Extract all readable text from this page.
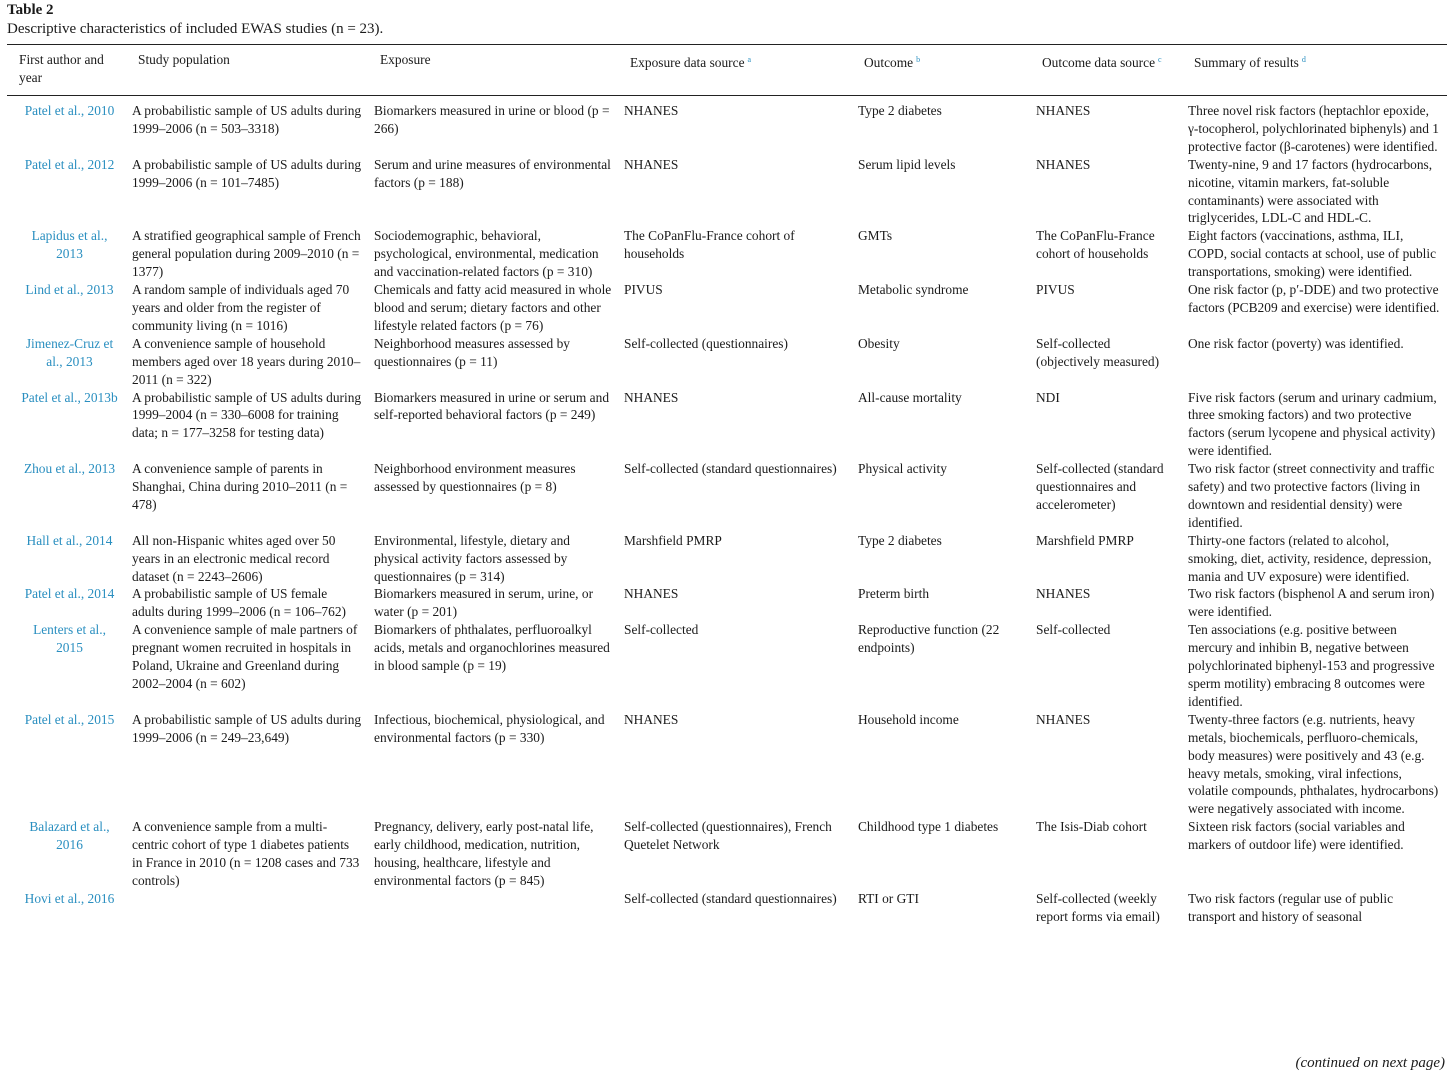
Table 2
Descriptive characteristics of included EWAS studies (n = 23).
First author and year	Study population	Exposure	Exposure data source $^a$	Outcome $^b$	Outcome data source $^c$	Summary of results $^d$
Patel et al., 2010	A probabilistic sample of US adults during 1999–2006 (n = 503–3318)	Biomarkers measured in urine or blood (p = 266)	NHANES	Type 2 diabetes	NHANES	Three novel risk factors (heptachlor epoxide, γ-tocopherol, polychlorinated biphenyls) and 1 protective factor (β-carotenes) were identified.
Patel et al., 2012	A probabilistic sample of US adults during 1999–2006 (n = 101–7485)	Serum and urine measures of environmental factors (p = 188)	NHANES	Serum lipid levels	NHANES	Twenty-nine, 9 and 17 factors (hydrocarbons, nicotine, vitamin markers, fat-soluble contaminants) were associated with triglycerides, LDL-C and HDL-C.
Lapidus et al., 2013	A stratified geographical sample of French general population during 2009–2010 (n = 1377)	Sociodemographic, behavioral, psychological, environmental, medication and vaccination-related factors (p = 310)	The CoPanFlu-France cohort of households	GMTs	The CoPanFlu-France cohort of households	Eight factors (vaccinations, asthma, ILI, COPD, social contacts at school, use of public transportations, smoking) were identified.
Lind et al., 2013	A random sample of individuals aged 70 years and older from the register of community living (n = 1016)	Chemicals and fatty acid measured in whole blood and serum; dietary factors and other lifestyle related factors (p = 76)	PIVUS	Metabolic syndrome	PIVUS	One risk factor (p, p′-DDE) and two protective factors (PCB209 and exercise) were identified.
Jimenez-Cruz et al., 2013	A convenience sample of household members aged over 18 years during 2010–2011 (n = 322)	Neighborhood measures assessed by questionnaires (p = 11)	Self-collected (questionnaires)	Obesity	Self-collected (objectively measured)	One risk factor (poverty) was identified.
Patel et al., 2013b	A probabilistic sample of US adults during 1999–2004 (n = 330–6008 for training data; n = 177–3258 for testing data)	Biomarkers measured in urine or serum and self-reported behavioral factors (p = 249)	NHANES	All-cause mortality	NDI	Five risk factors (serum and urinary cadmium, three smoking factors) and two protective factors (serum lycopene and physical activity) were identified.
Zhou et al., 2013	A convenience sample of parents in Shanghai, China during 2010–2011 (n = 478)	Neighborhood environment measures assessed by questionnaires (p = 8)	Self-collected (standard questionnaires)	Physical activity	Self-collected (standard questionnaires and accelerometer)	Two risk factor (street connectivity and traffic safety) and two protective factors (living in downtown and residential density) were identified.
Hall et al., 2014	All non-Hispanic whites aged over 50 years in an electronic medical record dataset (n = 2243–2606)	Environmental, lifestyle, dietary and physical activity factors assessed by questionnaires (p = 314)	Marshfield PMRP	Type 2 diabetes	Marshfield PMRP	Thirty-one factors (related to alcohol, smoking, diet, activity, residence, depression, mania and UV exposure) were identified.
Patel et al., 2014	A probabilistic sample of US female adults during 1999–2006 (n = 106–762)	Biomarkers measured in serum, urine, or water (p = 201)	NHANES	Preterm birth	NHANES	Two risk factors (bisphenol A and serum iron) were identified.
Lenters et al., 2015	A convenience sample of male partners of pregnant women recruited in hospitals in Poland, Ukraine and Greenland during 2002–2004 (n = 602)	Biomarkers of phthalates, perfluoroalkyl acids, metals and organochlorines measured in blood sample (p = 19)	Self-collected	Reproductive function (22 endpoints)	Self-collected	Ten associations (e.g. positive between mercury and inhibin B, negative between polychlorinated biphenyl-153 and progressive sperm motility) embracing 8 outcomes were identified.
Patel et al., 2015	A probabilistic sample of US adults during 1999–2006 (n = 249–23,649)	Infectious, biochemical, physiological, and environmental factors (p = 330)	NHANES	Household income	NHANES	Twenty-three factors (e.g. nutrients, heavy metals, biochemicals, perfluoro-chemicals, body measures) were positively and 43 (e.g. heavy metals, smoking, viral infections, volatile compounds, phthalates, hydrocarbons) were negatively associated with income.
Balazard et al., 2016	A convenience sample from a multi-centric cohort of type 1 diabetes patients in France in 2010 (n = 1208 cases and 733 controls)	Pregnancy, delivery, early post-natal life, early childhood, medication, nutrition, housing, healthcare, lifestyle and environmental factors (p = 845)	Self-collected (questionnaires), French Quetelet Network	Childhood type 1 diabetes	The Isis-Diab cohort	Sixteen risk factors (social variables and markers of outdoor life) were identified.
Hovi et al., 2016			Self-collected (standard questionnaires)	RTI or GTI	Self-collected (weekly report forms via email)	Two risk factors (regular use of public transport and history of seasonal
(continued on next page)
